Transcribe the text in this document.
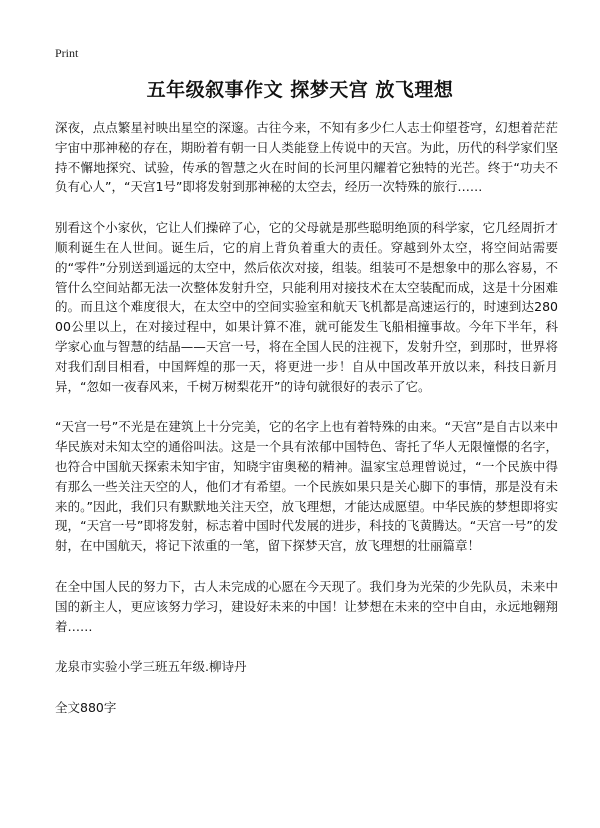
Print
五年级叙事作文 探梦天宫 放飞理想

深夜，点点繁星衬映出星空的深邃。古往今来，不知有多少仁人志士仰望苍穹，幻想着茫茫宇宙中那神秘的存在，期盼着有朝一日人类能登上传说中的天宫。为此，历代的科学家们坚持不懈地探究、试验，传承的智慧之火在时间的长河里闪耀着它独特的光芒。终于“功夫不负有心人”，“天宫1号”即将发射到那神秘的太空去，经历一次特殊的旅行……

别看这个小家伙，它让人们操碎了心，它的父母就是那些聪明绝顶的科学家，它几经周折才顺利诞生在人世间。诞生后，它的肩上背负着重大的责任。穿越到外太空，将空间站需要的“零件”分别送到遥远的太空中，然后依次对接，组装。组装可不是想象中的那么容易，不管什么空间站都无法一次整体发射升空，只能利用对接技术在太空装配而成，这是十分困难的。而且这个难度很大，在太空中的空间实验室和航天飞机都是高速运行的，时速到达28000公里以上，在对接过程中，如果计算不准，就可能发生飞船相撞事故。今年下半年，科学家心血与智慧的结晶——天宫一号，将在全国人民的注视下，发射升空，到那时，世界将对我们刮目相看，中国辉煌的那一天，将更进一步！自从中国改革开放以来，科技日新月异，“忽如一夜春风来，千树万树梨花开”的诗句就很好的表示了它。

“天宫一号”不光是在建筑上十分完美，它的名字上也有着特殊的由来。“天宫”是自古以来中华民族对未知太空的通俗叫法。这是一个具有浓郁中国特色、寄托了华人无限憧憬的名字，也符合中国航天探索未知宇宙，知晓宇宙奥秘的精神。温家宝总理曾说过，“一个民族中得有那么一些关注天空的人，他们才有希望。一个民族如果只是关心脚下的事情，那是没有未来的。”因此，我们只有默默地关注天空，放飞理想，才能达成愿望。中华民族的梦想即将实现，“天宫一号”即将发射，标志着中国时代发展的进步，科技的飞黄腾达。“天宫一号”的发射，在中国航天，将记下浓重的一笔，留下探梦天宫，放飞理想的壮丽篇章！

在全中国人民的努力下，古人未完成的心愿在今天现了。我们身为光荣的少先队员，未来中国的新主人，更应该努力学习，建设好未来的中国！让梦想在未来的空中自由，永远地翱翔着……

龙泉市实验小学三班五年级.柳诗丹

全文880字
